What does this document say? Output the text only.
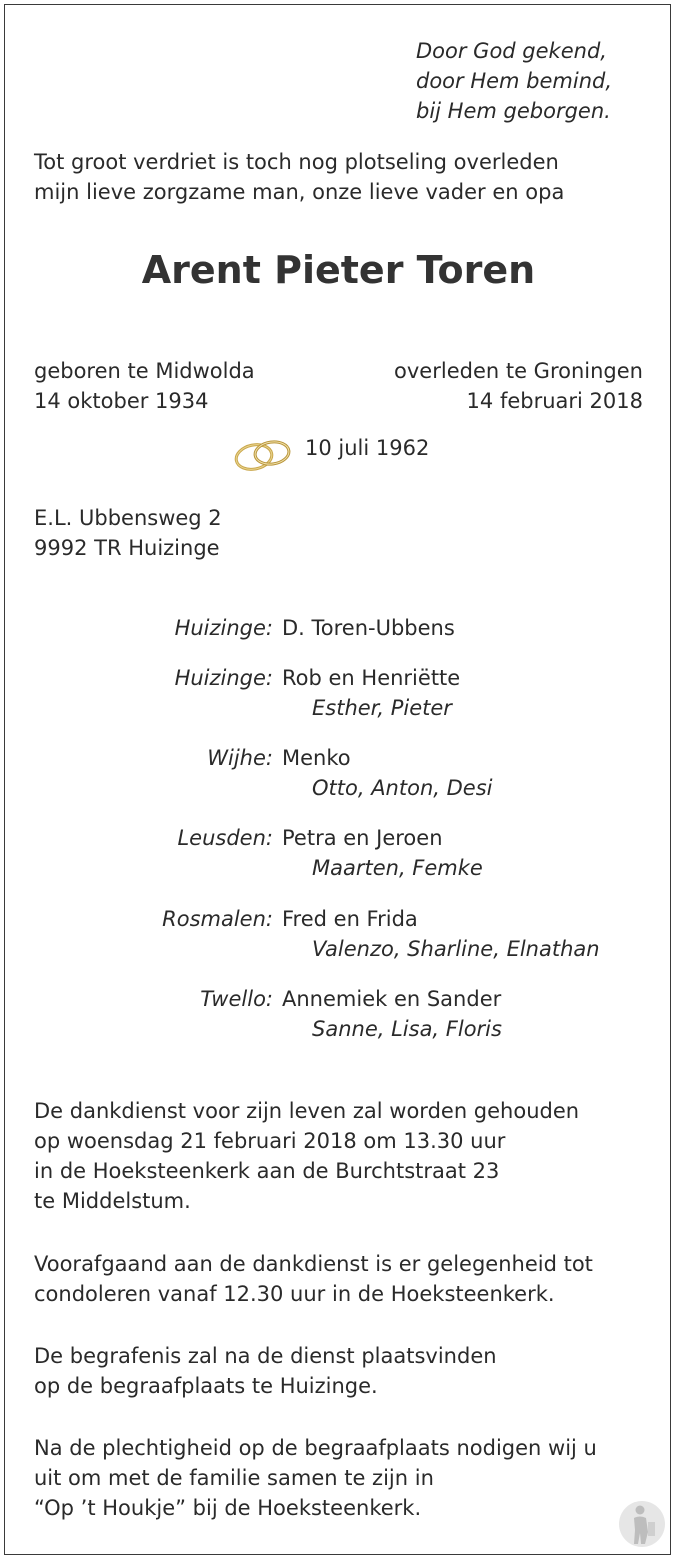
Door God gekend,
door Hem bemind,
bij Hem geborgen.
Tot groot verdriet is toch nog plotseling overleden
mijn lieve zorgzame man, onze lieve vader en opa
Arent Pieter Toren
geboren te Midwolda
14 oktober 1934
overleden te Groningen
14 februari 2018
10 juli 1962
E.L. Ubbensweg 2
9992 TR Huizinge
Huizinge: D. Toren-Ubbens
Huizinge: Rob en Henriëtte
Esther, Pieter
Wijhe: Menko
Otto, Anton, Desi
Leusden: Petra en Jeroen
Maarten, Femke
Rosmalen: Fred en Frida
Valenzo, Sharline, Elnathan
Twello: Annemiek en Sander
Sanne, Lisa, Floris
De dankdienst voor zijn leven zal worden gehouden
op woensdag 21 februari 2018 om 13.30 uur
in de Hoeksteenkerk aan de Burchtstraat 23
te Middelstum.
Voorafgaand aan de dankdienst is er gelegenheid tot
condoleren vanaf 12.30 uur in de Hoeksteenkerk.
De begrafenis zal na de dienst plaatsvinden
op de begraafplaats te Huizinge.
Na de plechtigheid op de begraafplaats nodigen wij u
uit om met de familie samen te zijn in
“Op ’t Houkje” bij de Hoeksteenkerk.
